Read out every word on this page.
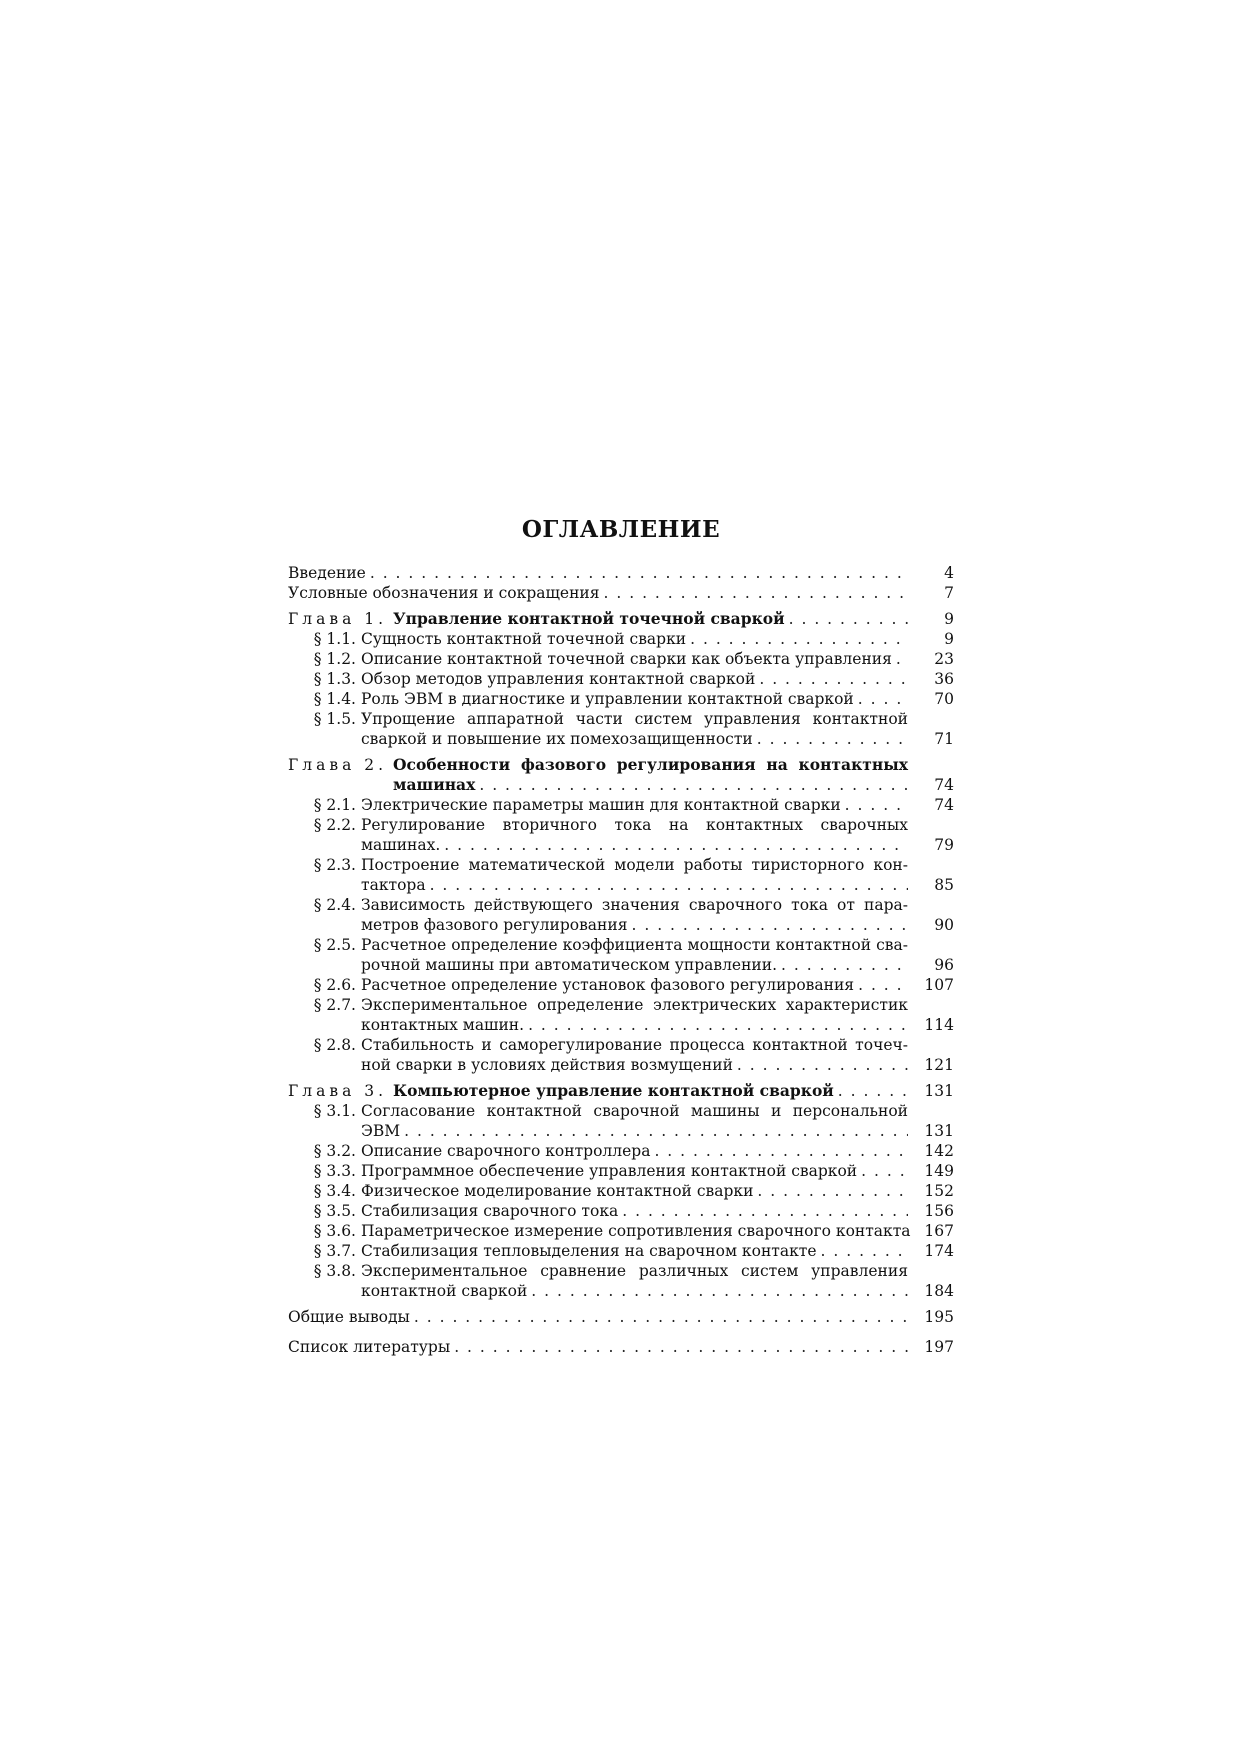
ОГЛАВЛЕНИЕ
Введение . . .	4
Условные обозначения и сокращения . . .	7
Глава 1. Управление контактной точечной сваркой . . .	9
§ 1.1. Сущность контактной точечной сварки . . .	9
§ 1.2. Описание контактной точечной сварки как объекта управления . . .	23
§ 1.3. Обзор методов управления контактной сваркой . . .	36
§ 1.4. Роль ЭВМ в диагностике и управлении контактной сваркой . . .	70
§ 1.5. Упрощение аппаратной части систем управления контактной
сваркой и повышение их помехозащищенности . . .	71
Глава 2. Особенности фазового регулирования на контактных
машинах . . .	74
§ 2.1. Электрические параметры машин для контактной сварки . . .	74
§ 2.2. Регулирование вторичного тока на контактных сварочных
машинах. . . .	79
§ 2.3. Построение математической модели работы тиристорного кон-
тактора . . .	85
§ 2.4. Зависимость действующего значения сварочного тока от пара-
метров фазового регулирования . . .	90
§ 2.5. Расчетное определение коэффициента мощности контактной сва-
рочной машины при автоматическом управлении. . . .	96
§ 2.6. Расчетное определение установок фазового регулирования . . .	107
§ 2.7. Экспериментальное определение электрических характеристик
контактных машин. . . .	114
§ 2.8. Стабильность и саморегулирование процесса контактной точеч-
ной сварки в условиях действия возмущений . . .	121
Глава 3. Компьютерное управление контактной сваркой . . .	131
§ 3.1. Согласование контактной сварочной машины и персональной
ЭВМ . . .	131
§ 3.2. Описание сварочного контроллера . . .	142
§ 3.3. Программное обеспечение управления контактной сваркой . . .	149
§ 3.4. Физическое моделирование контактной сварки . . .	152
§ 3.5. Стабилизация сварочного тока . . .	156
§ 3.6. Параметрическое измерение сопротивления сварочного контакта . . . 167
§ 3.7. Стабилизация тепловыделения на сварочном контакте . . .	174
§ 3.8. Экспериментальное сравнение различных систем управления
контактной сваркой . . .	184
Общие выводы . . .	195
Список литературы . . .	197
